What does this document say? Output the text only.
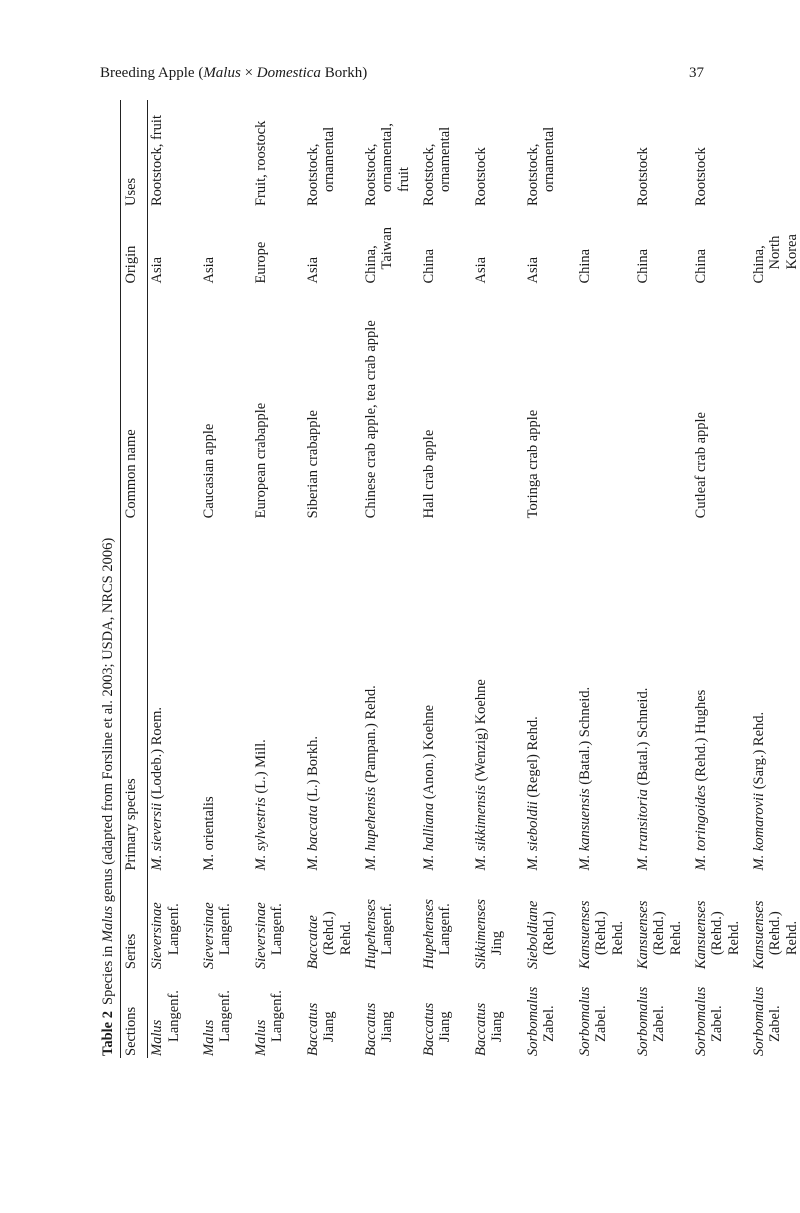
Breeding Apple (Malus × Domestica Borkh)	37
Table 2Species in Malus genus (adapted from Forsline et al. 2003; USDA, NRCS 2006)
Sections	Series	Primary species	Common name	Origin	Uses
Malus Langenf.	Sieversinae Langenf.	M. sieversii (Lodeb.) Roem.		Asia	Rootstock, fruit
Malus Langenf.	Sieversinae Langenf.	M. orientalis	Caucasian apple	Asia	
Malus Langenf.	Sieversinae Langenf.	M. sylvestris (L.) Mill.	European crabapple	Europe	Fruit, roostock
Baccatus Jiang	Baccatae (Rehd.) Rehd.	M. baccata (L.) Borkh.	Siberian crabapple	Asia	Rootstock, ornamental
Baccatus Jiang	Hupehenses Langenf.	M. hupehensis (Pampan.) Rehd.	Chinese crab apple, tea crab apple	China, Taiwan	Rootstock, ornamental, fruit
Baccatus Jiang	Hupehenses Langenf.	M. halliana (Anon.) Koehne	Hall crab apple	China	Rootstock, ornamental
Baccatus Jiang	Sikkimenses Jing	M. sikkimensis (Wenzig) Koehne		Asia	Rootstock
Sorbomalus Zabel.	Sieboldiane (Rehd.)	M. sieboldii (Regel) Rehd.	Toringa crab apple	Asia	Rootstock, ornamental
Sorbomalus Zabel.	Kansuenses (Rehd.) Rehd.	M. kansuensis (Batal.) Schneid.		China	
Sorbomalus Zabel.	Kansuenses (Rehd.) Rehd.	M. transitoria (Batal.) Schneid.		China	Rootstock
Sorbomalus Zabel.	Kansuenses (Rehd.) Rehd.	M. toringoides (Rehd.) Hughes	Cutleaf crab apple	China	Rootstock
Sorbomalus Zabel.	Kansuenses (Rehd.) Rehd.	M. komarovii (Sarg.) Rehd.		China, North Korea	
